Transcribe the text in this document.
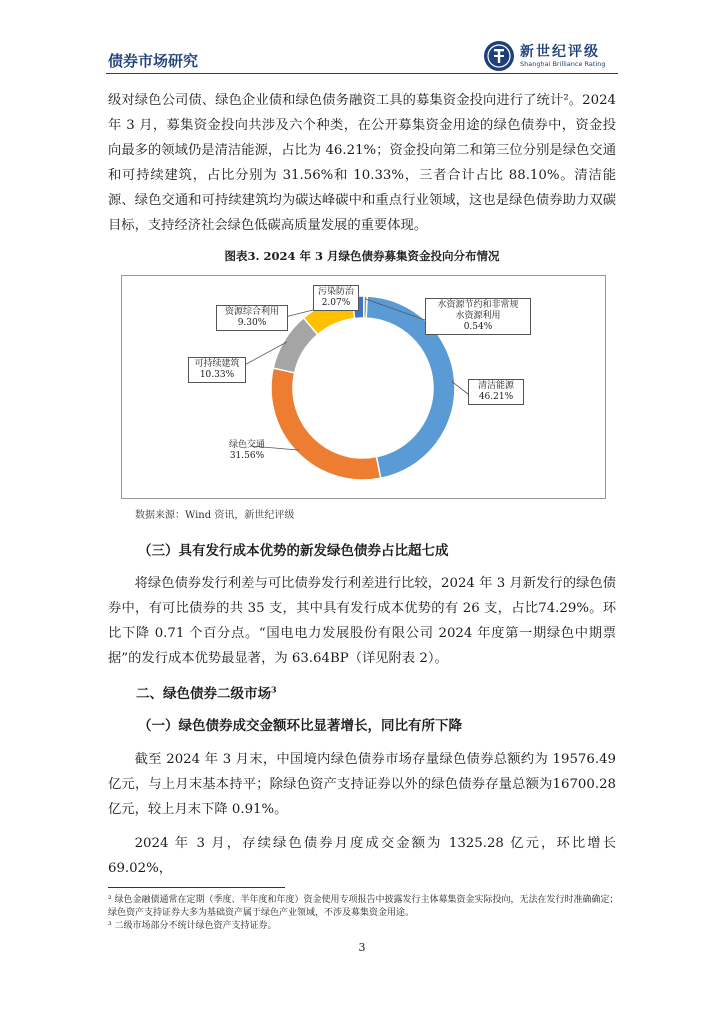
债券市场研究	新世纪评级
Shanghai Brilliance Rating
级对绿色公司债、绿色企业债和绿色债务融资工具的募集资金投向进行了统计²。2024 年 3 月，募集资金投向共涉及六个种类，在公开募集资金用途的绿色债券中，资金投向最多的领域仍是清洁能源，占比为 46.21%；资金投向第二和第三位分别是绿色交通和可持续建筑，占比分别为 31.56%和 10.33%，三者合计占比 88.10%。清洁能源、绿色交通和可持续建筑均为碳达峰碳中和重点行业领域，这也是绿色债券助力双碳目标，支持经济社会绿色低碳高质量发展的重要体现。
图表3. 2024 年 3 月绿色债券募集资金投向分布情况
污染防治
2.07%
资源综合利用
9.30%
可持续建筑
10.33%
绿色交通
31.56%
水资源节约和非常规
水资源利用
0.54%
清洁能源
46.21%
数据来源：Wind 资讯，新世纪评级
（三）具有发行成本优势的新发绿色债券占比超七成
将绿色债券发行利差与可比债券发行利差进行比较，2024 年 3 月新发行的绿色债券中，有可比债券的共 35 支，其中具有发行成本优势的有 26 支，占比74.29%。环比下降 0.71 个百分点。“国电电力发展股份有限公司 2024 年度第一期绿色中期票据”的发行成本优势最显著，为 63.64BP（详见附表 2）。
二、绿色债券二级市场$^3$
（一）绿色债券成交金额环比显著增长，同比有所下降
截至 2024 年 3 月末，中国境内绿色债券市场存量绿色债券总额约为 19576.49亿元，与上月末基本持平；除绿色资产支持证券以外的绿色债券存量总额为16700.28 亿元，较上月末下降 0.91%。
2024 年 3 月，存续绿色债券月度成交金额为 1325.28 亿元，环比增长69.02%，
² 绿色金融债通常在定期（季度、半年度和年度）资金使用专项报告中披露发行主体募集资金实际投向，无法在发行时准确确定；绿色资产支持证券大多为基础资产属于绿色产业领域，不涉及募集资金用途。
³ 二级市场部分不统计绿色资产支持证券。
3
